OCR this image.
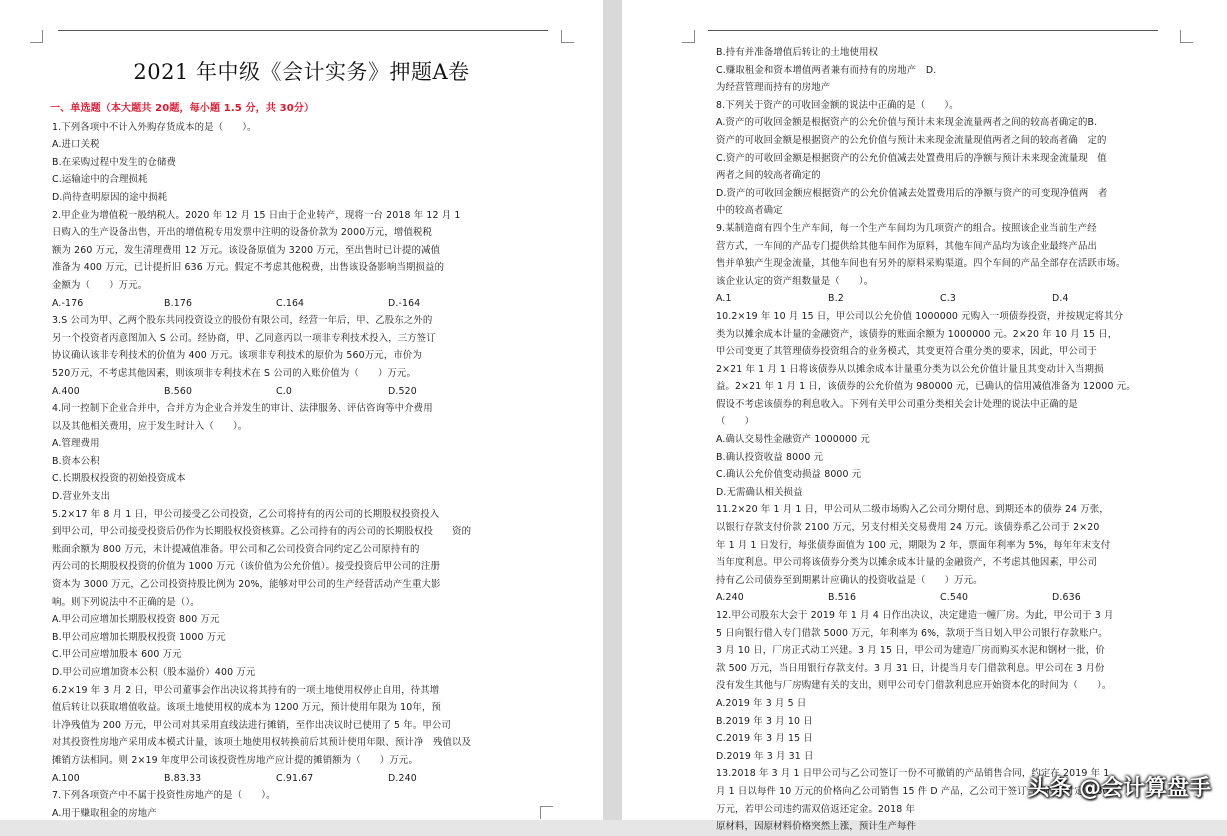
2021 年中级《会计实务》押题A卷

一、单选题（本大题共 20题，每小题 1.5 分，共 30分）

1.下列各项中不计入外购存货成本的是（　　）。

A.进口关税

B.在采购过程中发生的仓储费

C.运输途中的合理损耗

D.尚待查明原因的途中损耗

2.甲企业为增值税一般纳税人。2020 年 12 月 15 日由于企业转产，现将一台 2018 年 12 月 1

日购入的生产设备出售，开出的增值税专用发票中注明的设备价款为 2000万元，增值税税

额为 260 万元，发生清理费用 12 万元。该设备原值为 3200 万元，至出售时已计提的减值

准备为 400 万元，已计提折旧 636 万元。假定不考虑其他税费，出售该设备影响当期损益的

金额为（　　）万元。

A.-176	B.176	C.164	D.-164

3.S 公司为甲、乙两个股东共同投资设立的股份有限公司，经营一年后，甲、乙股东之外的

另一个投资者丙意图加入 S 公司。经协商，甲、乙同意丙以一项非专利技术投入，三方签订

协议确认该非专利技术的价值为 400 万元。该项非专利技术的原价为 560万元，市价为

520万元，不考虑其他因素，则该项非专利技术在 S 公司的入账价值为（　　）万元。

A.400	B.560	C.0	D.520

4.同一控制下企业合并中，合并方为企业合并发生的审计、法律服务、评估咨询等中介费用

以及其他相关费用，应于发生时计入（　　）。

A.管理费用

B.资本公积

C.长期股权投资的初始投资成本

D.营业外支出

5.2×17 年 8 月 1 日，甲公司接受乙公司投资，乙公司将持有的丙公司的长期股权投资投入

到甲公司，甲公司接受投资后仍作为长期股权投资核算。乙公司持有的丙公司的长期股权投　　资的

账面余额为 800 万元，未计提减值准备。甲公司和乙公司投资合同约定乙公司原持有的

丙公司的长期股权投资的价值为 1000 万元（该价值为公允价值）。接受投资后甲公司的注册

资本为 3000 万元，乙公司投资持股比例为 20%，能够对甲公司的生产经营活动产生重大影

响。则下列说法中不正确的是（）。

A.甲公司应增加长期股权投资 800 万元

B.甲公司应增加长期股权投资 1000 万元

C.甲公司应增加股本 600 万元

D.甲公司应增加资本公积（股本溢价）400 万元

6.2×19 年 3 月 2 日，甲公司董事会作出决议将其持有的一项土地使用权停止自用，待其增

值后转让以获取增值收益。该项土地使用权的成本为 1200 万元，预计使用年限为 10年，预

计净残值为 200 万元，甲公司对其采用直线法进行摊销，至作出决议时已使用了 5 年。甲公司

对其投资性房地产采用成本模式计量，该项土地使用权转换前后其预计使用年限、预计净　残值以及

摊销方法相同。则 2×19 年度甲公司该投资性房地产应计提的摊销额为（　　）万元。

A.100	B.83.33	C.91.67	D.240

7.下列各项资产中不属于投资性房地产的是（　　）。

A.用于赚取租金的房地产

B.持有并准备增值后转让的土地使用权

C.赚取租金和资本增值两者兼有而持有的房地产　D.

为经营管理而持有的房地产

8.下列关于资产的可收回金额的说法中正确的是（　　）。

A.资产的可收回金额是根据资产的公允价值与预计未来现金流量两者之间的较高者确定的B.

资产的可收回金额是根据资产的公允价值与预计未来现金流量现值两者之间的较高者确　定的

C.资产的可收回金额是根据资产的公允价值减去处置费用后的净额与预计未来现金流量现　值

两者之间的较高者确定的

D.资产的可收回金额应根据资产的公允价值减去处置费用后的净额与资产的可变现净值两　者

中的较高者确定

9.某制造商有四个生产车间，每一个生产车间均为几项资产的组合。按照该企业当前生产经

营方式，一车间的产品专门提供给其他车间作为原料，其他车间产品均为该企业最终产品出

售并单独产生现金流量，其他车间也有另外的原料采购渠道。四个车间的产品全部存在活跃市场。

该企业认定的资产组数量是（　　）。

A.1	B.2	C.3	D.4

10.2×19 年 10 月 15 日，甲公司以公允价值 1000000 元购入一项债券投资，并按规定将其分

类为以摊余成本计量的金融资产，该债券的账面余额为 1000000 元。2×20 年 10 月 15 日，

甲公司变更了其管理债券投资组合的业务模式，其变更符合重分类的要求，因此，甲公司于

2×21 年 1 月 1 日将该债券从以摊余成本计量重分类为以公允价值计量且其变动计入当期损

益。2×21 年 1 月 1 日，该债券的公允价值为 980000 元，已确认的信用减值准备为 12000 元。

假设不考虑该债券的利息收入。下列有关甲公司重分类相关会计处理的说法中正确的是

（　　）

A.确认交易性金融资产 1000000 元

B.确认投资收益 8000 元

C.确认公允价值变动损益 8000 元

D.无需确认相关损益

11.2×20 年 1 月 1 日，甲公司从二级市场购入乙公司分期付息、到期还本的债券 24 万张，

以银行存款支付价款 2100 万元，另支付相关交易费用 24 万元。该债券系乙公司于 2×20

年 1 月 1 日发行，每张债券面值为 100 元，期限为 2 年，票面年利率为 5%，每年年末支付

当年度利息。甲公司将该债券分类为以摊余成本计量的金融资产，不考虑其他因素，甲公司

持有乙公司债券至到期累计应确认的投资收益是（　　）万元。

A.240	B.516	C.540	D.636

12.甲公司股东大会于 2019 年 1 月 4 日作出决议，决定建造一幢厂房。为此，甲公司于 3 月

5 日向银行借入专门借款 5000 万元，年利率为 6%，款项于当日划入甲公司银行存款账户。

3 月 10 日，厂房正式动工兴建。3 月 15 日，甲公司为建造厂房而购买水泥和钢材一批，价

款 500 万元，当日用银行存款支付。3 月 31 日，计提当月专门借款利息。甲公司在 3 月份

没有发生其他与厂房购建有关的支出，则甲公司专门借款利息应开始资本化的时间为（　　）。

A.2019 年 3 月 5 日

B.2019 年 3 月 10 日

C.2019 年 3 月 15 日

D.2019 年 3 月 31 日

13.2018 年 3 月 1 日甲公司与乙公司签订一份不可撤销的产品销售合同，约定在 2019 年 1

月 1 日以每件 10 万元的价格向乙公司销售 15 件 D 产品，乙公司于签订合同时预付定金 30

万元，若甲公司违约需双倍返还定金。2018 年

原材料，因原材料价格突然上涨，预计生产每件

头条 @会计算盘手
